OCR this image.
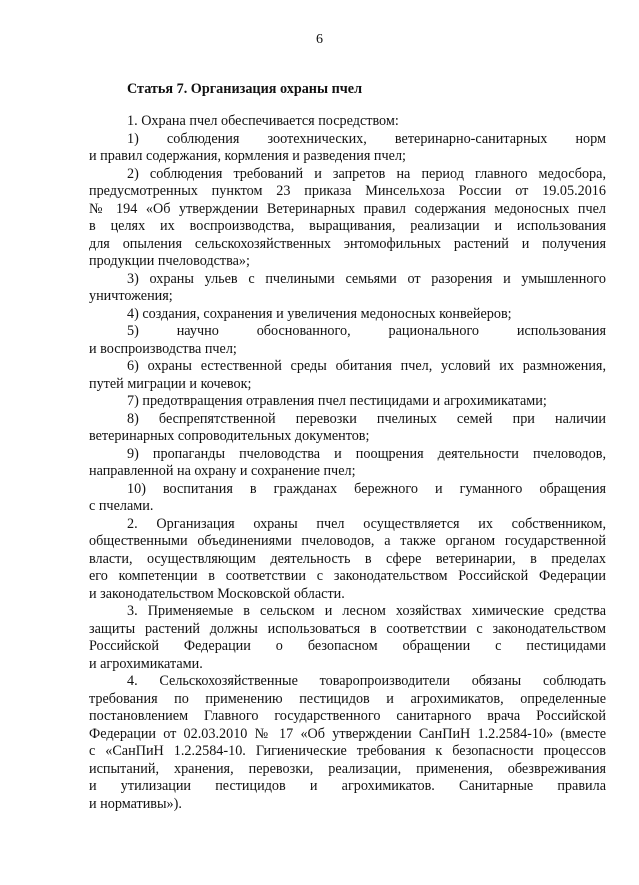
6
Статья 7. Организация охраны пчел
1. Охрана пчел обеспечивается посредством:
1) соблюдения зоотехнических, ветеринарно-санитарных норм
и правил содержания, кормления и разведения пчел;
2) соблюдения требований и запретов на период главного медосбора,
предусмотренных пунктом 23 приказа Минсельхоза России от 19.05.2016
№ 194 «Об утверждении Ветеринарных правил содержания медоносных пчел
в целях их воспроизводства, выращивания, реализации и использования
для опыления сельскохозяйственных энтомофильных растений и получения
продукции пчеловодства»;
3) охраны ульев с пчелиными семьями от разорения и умышленного
уничтожения;
4) создания, сохранения и увеличения медоносных конвейеров;
5) научно обоснованного, рационального использования
и воспроизводства пчел;
6) охраны естественной среды обитания пчел, условий их размножения,
путей миграции и кочевок;
7) предотвращения отравления пчел пестицидами и агрохимикатами;
8) беспрепятственной перевозки пчелиных семей при наличии
ветеринарных сопроводительных документов;
9) пропаганды пчеловодства и поощрения деятельности пчеловодов,
направленной на охрану и сохранение пчел;
10) воспитания в гражданах бережного и гуманного обращения
с пчелами.
2. Организация охраны пчел осуществляется их собственником,
общественными объединениями пчеловодов, а также органом государственной
власти, осуществляющим деятельность в сфере ветеринарии, в пределах
его компетенции в соответствии с законодательством Российской Федерации
и законодательством Московской области.
3. Применяемые в сельском и лесном хозяйствах химические средства
защиты растений должны использоваться в соответствии с законодательством
Российской Федерации о безопасном обращении с пестицидами
и агрохимикатами.
4. Сельскохозяйственные товаропроизводители обязаны соблюдать
требования по применению пестицидов и агрохимикатов, определенные
постановлением Главного государственного санитарного врача Российской
Федерации от 02.03.2010 № 17 «Об утверждении СанПиН 1.2.2584-10» (вместе
с «СанПиН 1.2.2584-10. Гигиенические требования к безопасности процессов
испытаний, хранения, перевозки, реализации, применения, обезвреживания
и утилизации пестицидов и агрохимикатов. Санитарные правила
и нормативы»).
